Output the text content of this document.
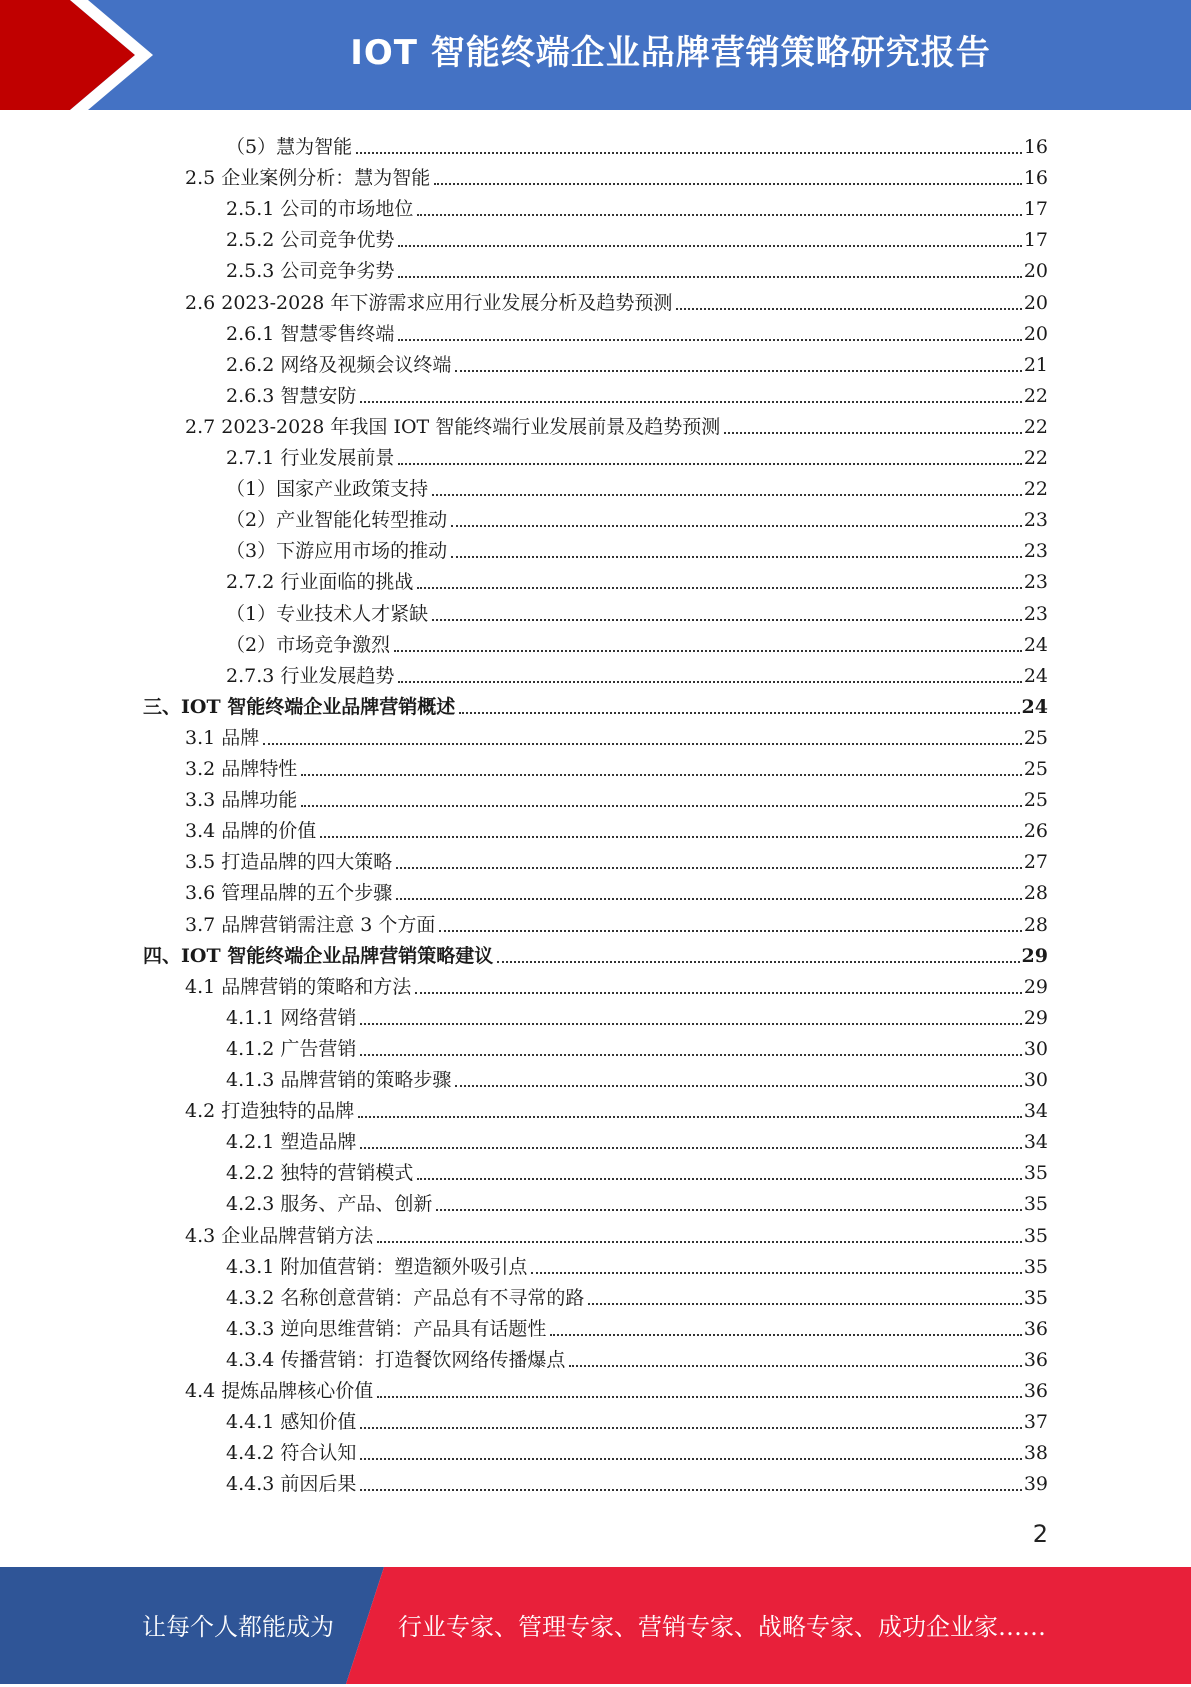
IOT 智能终端企业品牌营销策略研究报告
（5）慧为智能	16
2.5 企业案例分析：慧为智能	16
2.5.1 公司的市场地位	17
2.5.2 公司竞争优势	17
2.5.3 公司竞争劣势	20
2.6 2023-2028 年下游需求应用行业发展分析及趋势预测	20
2.6.1 智慧零售终端	20
2.6.2 网络及视频会议终端	21
2.6.3 智慧安防	22
2.7 2023-2028 年我国 IOT 智能终端行业发展前景及趋势预测	22
2.7.1 行业发展前景	22
（1）国家产业政策支持	22
（2）产业智能化转型推动	23
（3）下游应用市场的推动	23
2.7.2 行业面临的挑战	23
（1）专业技术人才紧缺	23
（2）市场竞争激烈	24
2.7.3 行业发展趋势	24
三、IOT 智能终端企业品牌营销概述	24
3.1 品牌	25
3.2 品牌特性	25
3.3 品牌功能	25
3.4 品牌的价值	26
3.5 打造品牌的四大策略	27
3.6 管理品牌的五个步骤	28
3.7 品牌营销需注意 3 个方面	28
四、IOT 智能终端企业品牌营销策略建议	29
4.1 品牌营销的策略和方法	29
4.1.1 网络营销	29
4.1.2 广告营销	30
4.1.3 品牌营销的策略步骤	30
4.2 打造独特的品牌	34
4.2.1 塑造品牌	34
4.2.2 独特的营销模式	35
4.2.3 服务、产品、创新	35
4.3 企业品牌营销方法	35
4.3.1 附加值营销：塑造额外吸引点	35
4.3.2 名称创意营销：产品总有不寻常的路	35
4.3.3 逆向思维营销：产品具有话题性	36
4.3.4 传播营销：打造餐饮网络传播爆点	36
4.4 提炼品牌核心价值	36
4.4.1 感知价值	37
4.4.2 符合认知	38
4.4.3 前因后果	39
2
让每个人都能成为	行业专家、管理专家、营销专家、战略专家、成功企业家……
